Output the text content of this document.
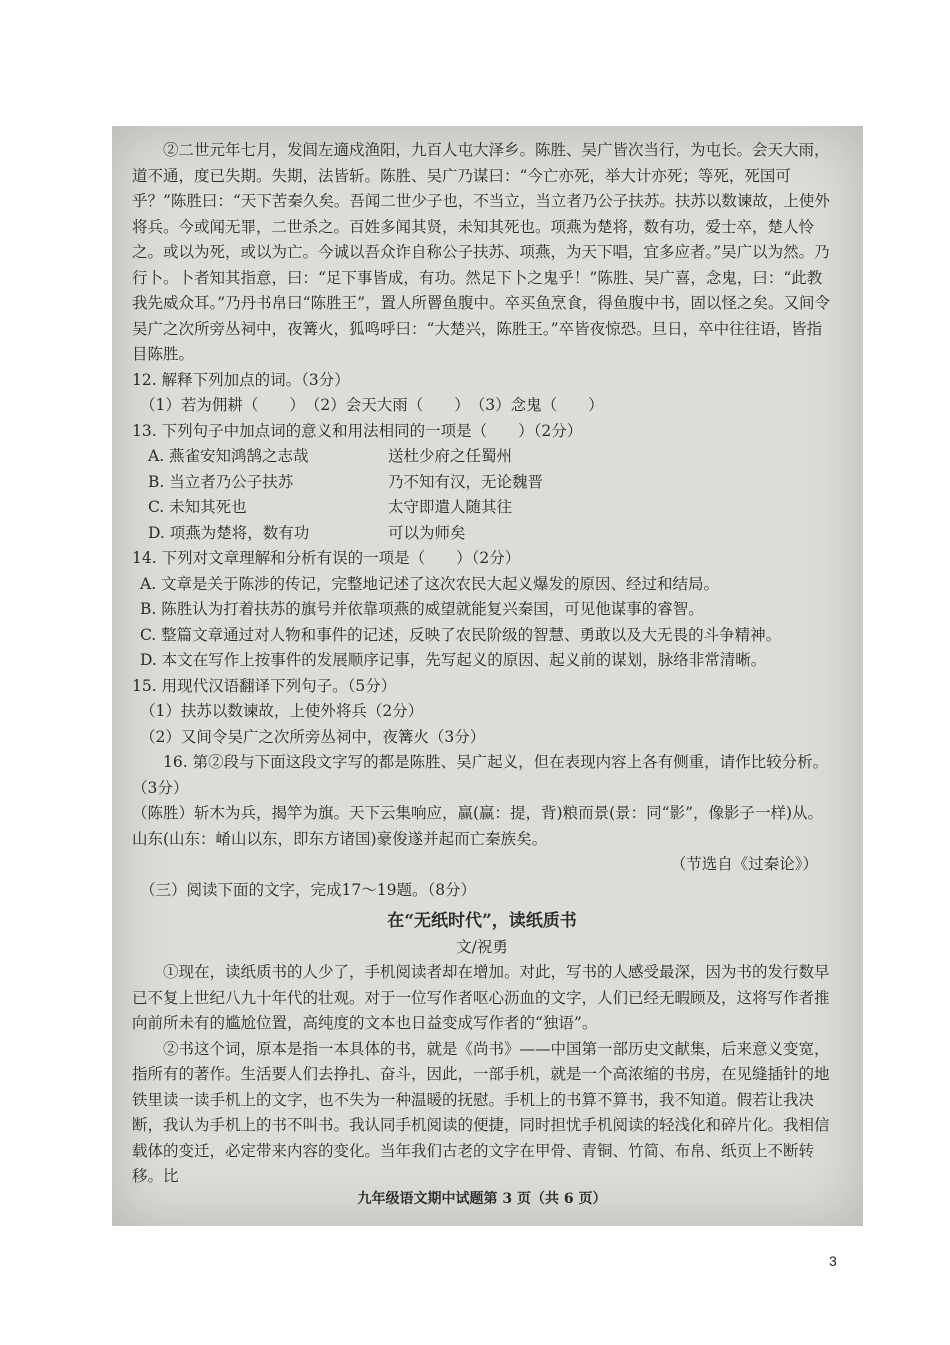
②二世元年七月，发闾左適戍渔阳，九百人屯大泽乡。陈胜、吴广皆次当行，为屯长。会天大雨，道不通，度已失期。失期，法皆斩。陈胜、吴广乃谋曰：“今亡亦死，举大计亦死；等死，死国可乎？”陈胜曰：“天下苦秦久矣。吾闻二世少子也，不当立，当立者乃公子扶苏。扶苏以数谏故，上使外将兵。今或闻无罪，二世杀之。百姓多闻其贤，未知其死也。项燕为楚将，数有功，爱士卒，楚人怜之。或以为死，或以为亡。今诚以吾众诈自称公子扶苏、项燕，为天下唱，宜多应者。”吴广以为然。乃行卜。卜者知其指意，曰：“足下事皆成，有功。然足下卜之鬼乎！”陈胜、吴广喜，念鬼，曰：“此教我先威众耳。”乃丹书帛曰“陈胜王”，置人所罾鱼腹中。卒买鱼烹食，得鱼腹中书，固以怪之矣。又间令吴广之次所旁丛祠中，夜篝火，狐鸣呼曰：“大楚兴，陈胜王。”卒皆夜惊恐。旦日，卒中往往语，皆指目陈胜。

12. 解释下列加点的词。（3分）

（1）若为佣耕（　　）　（2）会天大雨（　　）　（3）念鬼（　　）

13. 下列句子中加点词的意义和用法相同的一项是（　　）（2分）

A. 燕雀安知鸿鹄之志哉	送杜少府之任蜀州
B. 当立者乃公子扶苏	乃不知有汉，无论魏晋
C. 未知其死也	太守即遣人随其往
D. 项燕为楚将，数有功	可以为师矣

14. 下列对文章理解和分析有误的一项是（　　）（2分）

A. 文章是关于陈涉的传记，完整地记述了这次农民大起义爆发的原因、经过和结局。

B. 陈胜认为打着扶苏的旗号并依靠项燕的威望就能复兴秦国，可见他谋事的睿智。

C. 整篇文章通过对人物和事件的记述，反映了农民阶级的智慧、勇敢以及大无畏的斗争精神。

D. 本文在写作上按事件的发展顺序记事，先写起义的原因、起义前的谋划，脉络非常清晰。

15. 用现代汉语翻译下列句子。（5分）

（1）扶苏以数谏故，上使外将兵（2分）

（2）又间令吴广之次所旁丛祠中，夜篝火（3分）

16. 第②段与下面这段文字写的都是陈胜、吴广起义，但在表现内容上各有侧重，请作比较分析。（3分）

（陈胜）斩木为兵，揭竿为旗。天下云集响应，赢(赢：提，背)粮而景(景：同“影”，像影子一样)从。山东(山东：崤山以东，即东方诸国)豪俊遂并起而亡秦族矣。

（节选自《过秦论》）

（三）阅读下面的文字，完成17～19题。（8分）

在“无纸时代”，读纸质书

文/祝勇

①现在，读纸质书的人少了，手机阅读者却在增加。对此，写书的人感受最深，因为书的发行数早已不复上世纪八九十年代的壮观。对于一位写作者呕心沥血的文字，人们已经无暇顾及，这将写作者推向前所未有的尴尬位置，高纯度的文本也日益变成写作者的“独语”。

②书这个词，原本是指一本具体的书，就是《尚书》——中国第一部历史文献集，后来意义变宽，指所有的著作。生活要人们去挣扎、奋斗，因此，一部手机，就是一个高浓缩的书房，在见缝插针的地铁里读一读手机上的文字，也不失为一种温暖的抚慰。手机上的书算不算书，我不知道。假若让我决断，我认为手机上的书不叫书。我认同手机阅读的便捷，同时担忧手机阅读的轻浅化和碎片化。我相信载体的变迁，必定带来内容的变化。当年我们古老的文字在甲骨、青铜、竹简、布帛、纸页上不断转移。比

九年级语文期中试题第 3 页（共 6 页）
3
